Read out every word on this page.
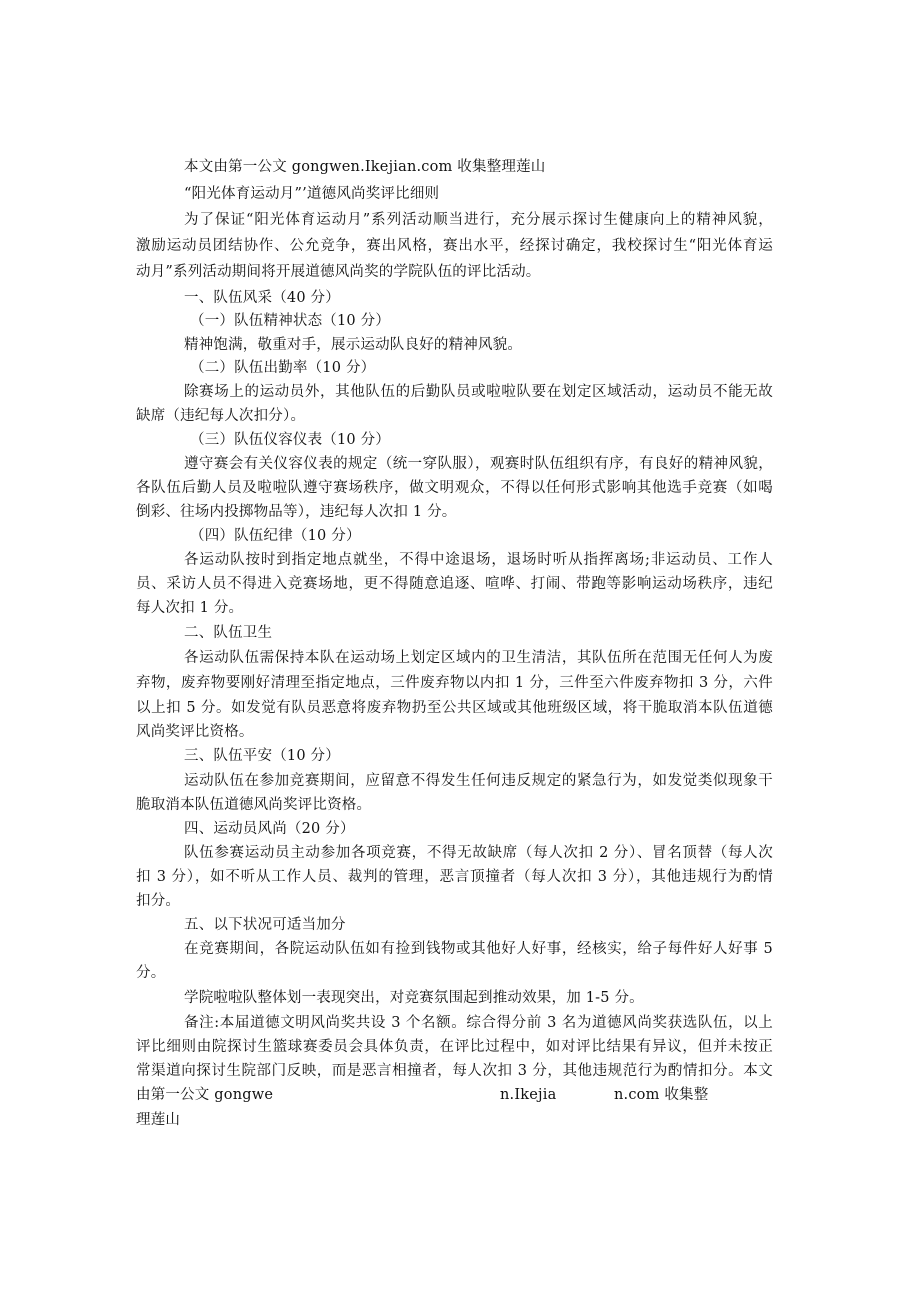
本文由第一公文 gongwen.Ikejian.com 收集整理莲山
“阳光体育运动月”’道德风尚奖评比细则
为了保证“阳光体育运动月”系列活动顺当进行，充分展示探讨生健康向上的精神风貌，
激励运动员团结协作、公允竞争，赛出风格，赛出水平，经探讨确定，我校探讨生“阳光体育运
动月”系列活动期间将开展道德风尚奖的学院队伍的评比活动。
一、队伍风采（40 分）
（一）队伍精神状态（10 分）
精神饱满，敬重对手，展示运动队良好的精神风貌。
（二）队伍出勤率（10 分）
除赛场上的运动员外，其他队伍的后勤队员或啦啦队要在划定区域活动，运动员不能无故
缺席（违纪每人次扣分）。
（三）队伍仪容仪表（10 分）
遵守赛会有关仪容仪表的规定（统一穿队服），观赛时队伍组织有序，有良好的精神风貌，
各队伍后勤人员及啦啦队遵守赛场秩序，做文明观众，不得以任何形式影响其他选手竞赛（如喝
倒彩、往场内投掷物品等），违纪每人次扣 1 分。
（四）队伍纪律（10 分）
各运动队按时到指定地点就坐，不得中途退场，退场时听从指挥离场;非运动员、工作人
员、采访人员不得进入竞赛场地，更不得随意追逐、喧哗、打闹、带跑等影响运动场秩序，违纪
每人次扣 1 分。
二、队伍卫生
各运动队伍需保持本队在运动场上划定区域内的卫生清洁，其队伍所在范围无任何人为废
弃物，废弃物要刚好清理至指定地点，三件废弃物以内扣 1 分，三件至六件废弃物扣 3 分，六件
以上扣 5 分。如发觉有队员恶意将废弃物扔至公共区域或其他班级区域，将干脆取消本队伍道德
风尚奖评比资格。
三、队伍平安（10 分）
运动队伍在参加竞赛期间，应留意不得发生任何违反规定的紧急行为，如发觉类似现象干
脆取消本队伍道德风尚奖评比资格。
四、运动员风尚（20 分）
队伍参赛运动员主动参加各项竞赛，不得无故缺席（每人次扣 2 分）、冒名顶替（每人次
扣 3 分），如不听从工作人员、裁判的管理，恶言顶撞者（每人次扣 3 分），其他违规行为酌情
扣分。
五、以下状况可适当加分
在竞赛期间，各院运动队伍如有捡到钱物或其他好人好事，经核实，给子每件好人好事 5
分。
学院啦啦队整体划一表现突出，对竞赛氛围起到推动效果，加 1-5 分。
备注:本届道德文明风尚奖共设 3 个名额。综合得分前 3 名为道德风尚奖获选队伍，以上
评比细则由院探讨生篮球赛委员会具体负责，在评比过程中，如对评比结果有异议，但并未按正
常渠道向探讨生院部门反映，而是恶言相撞者，每人次扣 3 分，其他违规范行为酌情扣分。本文
由第一公文 gongwe	n.Ikejia	n.com 收集整
理莲山
